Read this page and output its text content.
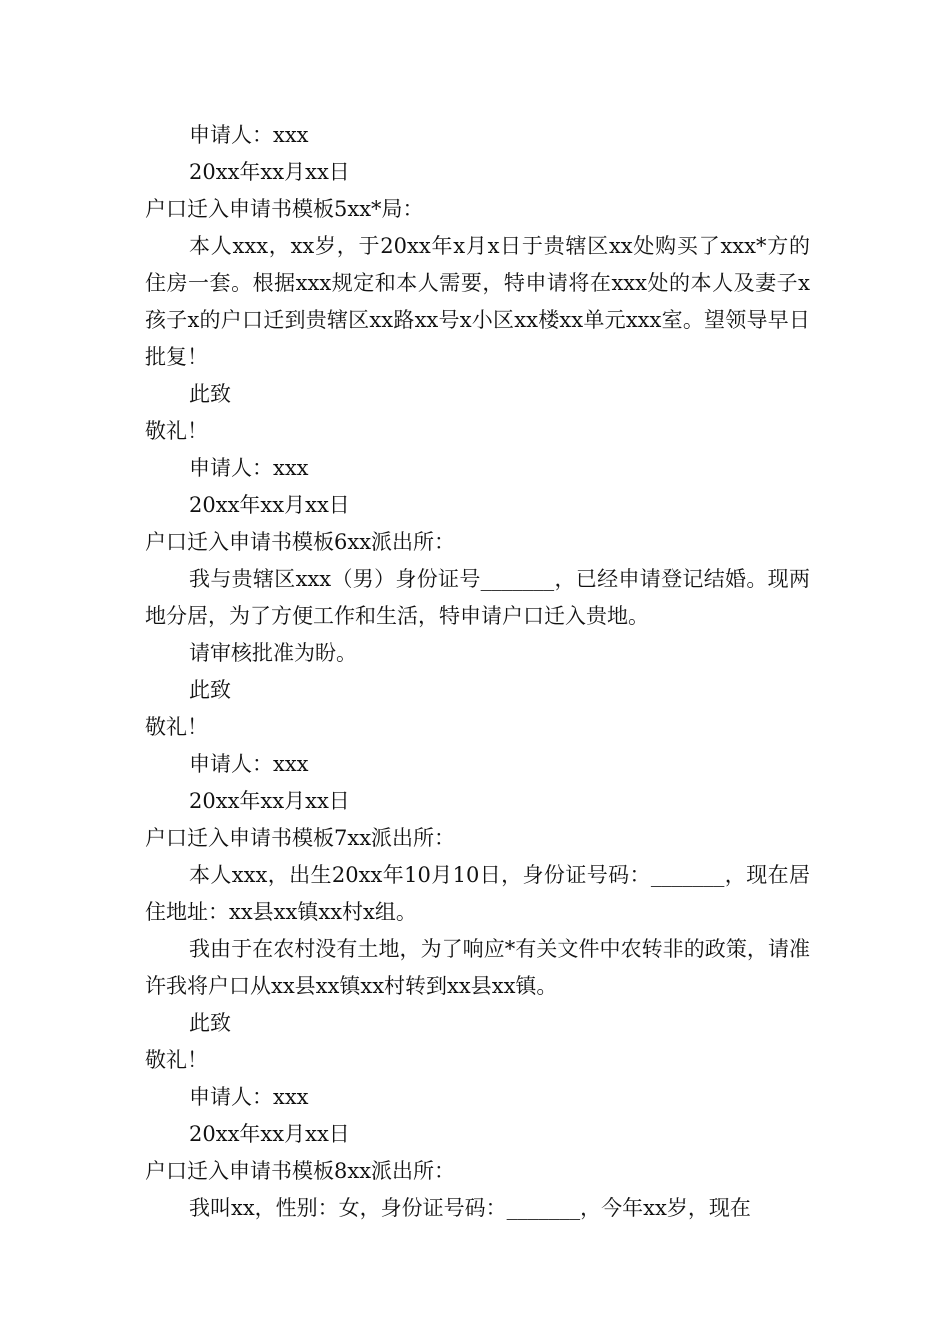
申请人：xxx
20xx年xx月xx日
户口迁入申请书模板5xx*局：
本人xxx，xx岁，于20xx年x月x日于贵辖区xx处购买了xxx*方的住房一套。根据xxx规定和本人需要，特申请将在xxx处的本人及妻子x孩子x的户口迁到贵辖区xx路xx号x小区xx楼xx单元xxx室。望领导早日批复！
此致
敬礼！
申请人：xxx
20xx年xx月xx日
户口迁入申请书模板6xx派出所：
我与贵辖区xxx（男）身份证号_______，已经申请登记结婚。现两地分居，为了方便工作和生活，特申请户口迁入贵地。
请审核批准为盼。
此致
敬礼！
申请人：xxx
20xx年xx月xx日
户口迁入申请书模板7xx派出所：
本人xxx，出生20xx年10月10日，身份证号码：_______，现在居住地址：xx县xx镇xx村x组。
我由于在农村没有土地，为了响应*有关文件中农转非的政策，请准许我将户口从xx县xx镇xx村转到xx县xx镇。
此致
敬礼！
申请人：xxx
20xx年xx月xx日
户口迁入申请书模板8xx派出所：
我叫xx，性别：女，身份证号码：_______，今年xx岁，现在
